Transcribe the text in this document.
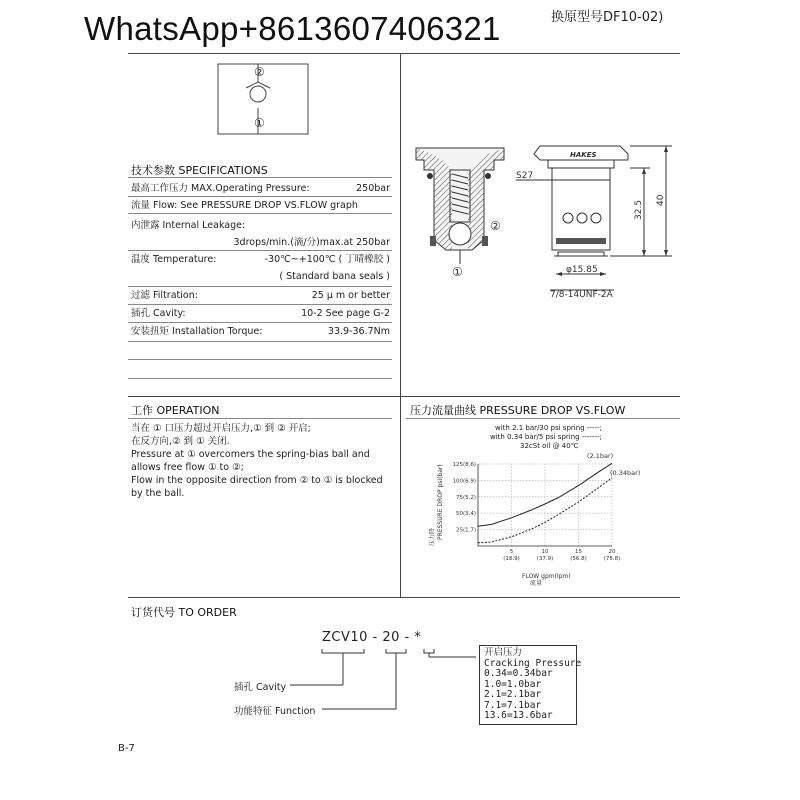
WhatsApp+8613607406321	换原型号DF10-02)
②
①
技术参数 SPECIFICATIONS
最高工作压力 MAX.Operating Pressure:	250bar
流量 Flow: See PRESSURE DROP VS.FLOW graph
内泄露 Internal Leakage:
3drops/min.(滴/分)max.at 250bar
温度 Temperature:	-30℃~+100℃ ( 丁晴橡胶 )
( Standard bana seals )
过滤 Filtration:	25 μ m or better
插孔 Cavity:	10-2 See page G-2
安装扭矩 Installation Torque:	33.9-36.7Nm
②
①
HAKES
32.5 40
S27
φ15.85
7/8-14UNF-2A
工作 OPERATION
当在 ① 口压力超过开启压力,① 到 ② 开启;
在反方向,② 到 ① 关闭.
Pressure at ① overcomers the spring-bias ball and
allows free flow ① to ②;
Flow in the opposite direction from ② to ① is blocked
by the ball.
压力流量曲线 PRESSURE DROP VS.FLOW
with 2.1 bar/30 psi spring -----;
with 0.34 bar/5 psi spring -------;
32cSt oil @ 40℃
125(8.6)
100(6.9)
75(5.2)
50(3.4)
25(1.7)
5
(18.9)
10
(37.9)
15
(56.8)
20
(75.8)
压力降 PRESSURE DROP psi(bar)
(2.1bar)
(0.34bar)
FLOW gpm(lpm)
流量
订货代号 TO ORDER
ZCV10 - 20 - *
插孔 Cavity
功能特征 Function
开启压力
Cracking Pressure
0.34=0.34bar
1.0=1.0bar
2.1=2.1bar
7.1=7.1bar
13.6=13.6bar
B-7
